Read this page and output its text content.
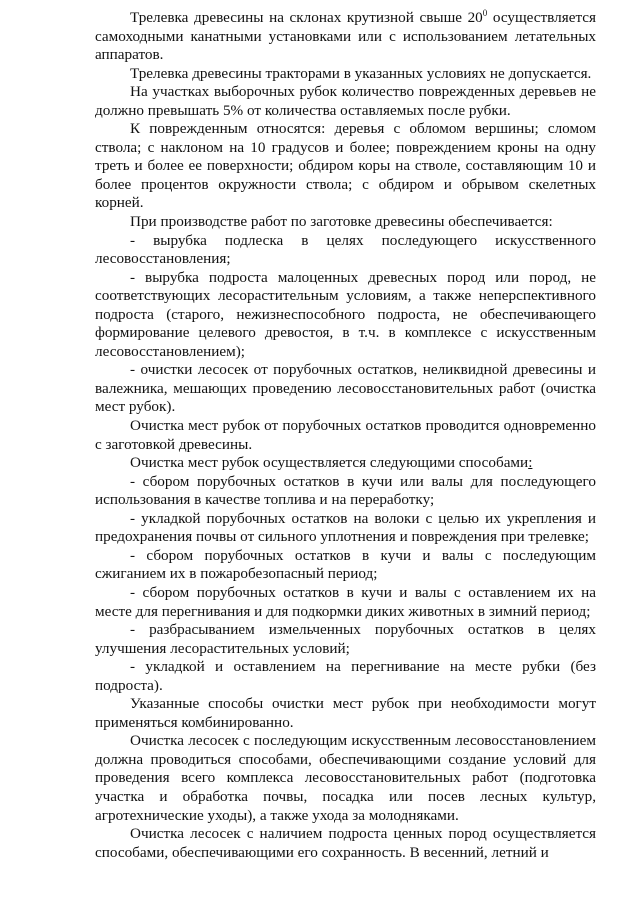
Трелевка древесины на склонах крутизной свыше $20^0$ осуществляется самоходными канатными установками или с использованием летательных аппаратов.

Трелевка древесины тракторами в указанных условиях не допускается.

На участках выборочных рубок количество поврежденных деревьев не должно превышать 5% от количества оставляемых после рубки.

К поврежденным относятся: деревья с обломом вершины; сломом ствола; с наклоном на 10 градусов и более; повреждением кроны на одну треть и более ее поверхности; обдиром коры на стволе, составляющим 10 и более процентов окружности ствола; с обдиром и обрывом скелетных корней.

При производстве работ по заготовке древесины обеспечивается:

- вырубка подлеска в целях последующего искусственного лесовосстановления;

- вырубка подроста малоценных древесных пород или пород, не соответствующих лесорастительным условиям, а также неперспективного подроста (старого, нежизнеспособного подроста, не обеспечивающего формирование целевого древостоя, в т.ч. в комплексе с искусственным лесовосстановлением);

- очистки лесосек от порубочных остатков, неликвидной древесины и валежника, мешающих проведению лесовосстановительных работ (очистка мест рубок).

Очистка мест рубок от порубочных остатков проводится одновременно с заготовкой древесины.

Очистка мест рубок осуществляется следующими способами:

- сбором порубочных остатков в кучи или валы для последующего использования в качестве топлива и на переработку;

- укладкой порубочных остатков на волоки с целью их укрепления и предохранения почвы от сильного уплотнения и повреждения при трелевке;

- сбором порубочных остатков в кучи и валы с последующим сжиганием их в пожаробезопасный период;

- сбором порубочных остатков в кучи и валы с оставлением их на месте для перегнивания и для подкормки диких животных в зимний период;

- разбрасыванием измельченных порубочных остатков в целях улучшения лесорастительных условий;

- укладкой и оставлением на перегнивание на месте рубки (без подроста).

Указанные способы очистки мест рубок при необходимости могут применяться комбинированно.

Очистка лесосек с последующим искусственным лесовосстановлением должна проводиться способами, обеспечивающими создание условий для проведения всего комплекса лесовосстановительных работ (подготовка участка и обработка почвы, посадка или посев лесных культур, агротехнические уходы), а также ухода за молодняками.

Очистка лесосек с наличием подроста ценных пород осуществляется способами, обеспечивающими его сохранность. В весенний, летний и
